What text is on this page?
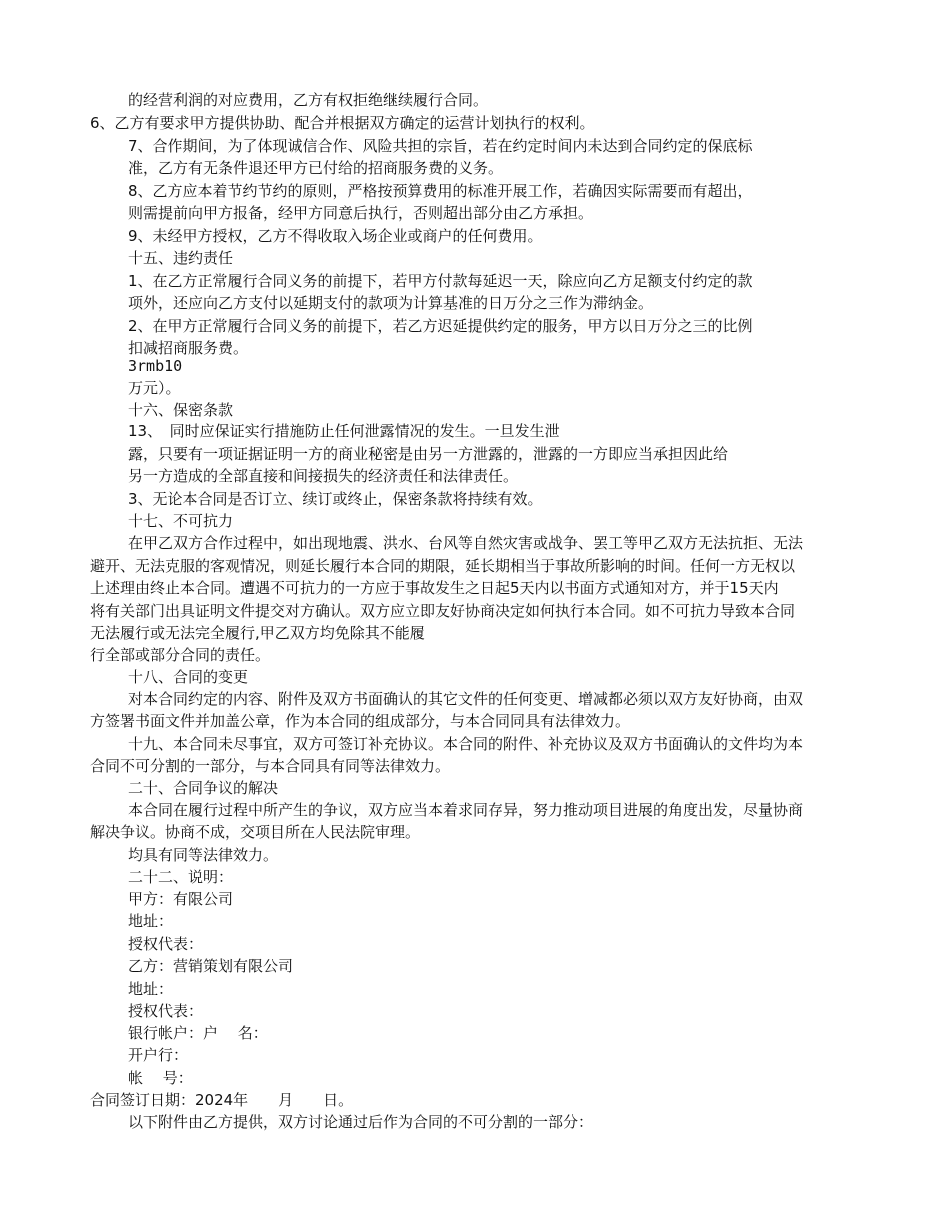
的经营利润的对应费用，乙方有权拒绝继续履行合同。
6、乙方有要求甲方提供协助、配合并根据双方确定的运营计划执行的权利。
7、合作期间，为了体现诚信合作、风险共担的宗旨，若在约定时间内未达到合同约定的保底标
准，乙方有无条件退还甲方已付给的招商服务费的义务。
8、乙方应本着节约节约的原则，严格按预算费用的标准开展工作，若确因实际需要而有超出，
则需提前向甲方报备，经甲方同意后执行，否则超出部分由乙方承担。
9、未经甲方授权，乙方不得收取入场企业或商户的任何费用。
十五、违约责任
1、在乙方正常履行合同义务的前提下，若甲方付款每延迟一天，除应向乙方足额支付约定的款
项外，还应向乙方支付以延期支付的款项为计算基准的日万分之三作为滞纳金。
2、在甲方正常履行合同义务的前提下，若乙方迟延提供约定的服务，甲方以日万分之三的比例
扣减招商服务费。
3rmb10
万元）。
十六、保密条款
13、　同时应保证实行措施防止任何泄露情况的发生。一旦发生泄
露，只要有一项证据证明一方的商业秘密是由另一方泄露的，泄露的一方即应当承担因此给
另一方造成的全部直接和间接损失的经济责任和法律责任。
3、无论本合同是否订立、续订或终止，保密条款将持续有效。
十七、不可抗力
在甲乙双方合作过程中，如出现地震、洪水、台风等自然灾害或战争、罢工等甲乙双方无法抗拒、无法
避开、无法克服的客观情况，则延长履行本合同的期限，延长期相当于事故所影响的时间。任何一方无权以
上述理由终止本合同。遭遇不可抗力的一方应于事故发生之日起5天内以书面方式通知对方，并于15天内
将有关部门出具证明文件提交对方确认。双方应立即友好协商决定如何执行本合同。如不可抗力导致本合同
无法履行或无法完全履行,甲乙双方均免除其不能履
行全部或部分合同的责任。
十八、合同的变更
对本合同约定的内容、附件及双方书面确认的其它文件的任何变更、增减都必须以双方友好协商，由双
方签署书面文件并加盖公章，作为本合同的组成部分，与本合同同具有法律效力。
十九、本合同未尽事宜，双方可签订补充协议。本合同的附件、补充协议及双方书面确认的文件均为本
合同不可分割的一部分，与本合同具有同等法律效力。
二十、合同争议的解决
本合同在履行过程中所产生的争议，双方应当本着求同存异，努力推动项目进展的角度出发，尽量协商
解决争议。协商不成，交项目所在人民法院审理。
均具有同等法律效力。
二十二、说明：
甲方：有限公司
地址：
授权代表：
乙方：营销策划有限公司
地址：
授权代表：
银行帐户：户　 名：
开户行：
帐　 号：
合同签订日期：2024年　　月　　日。
以下附件由乙方提供，双方讨论通过后作为合同的不可分割的一部分：
